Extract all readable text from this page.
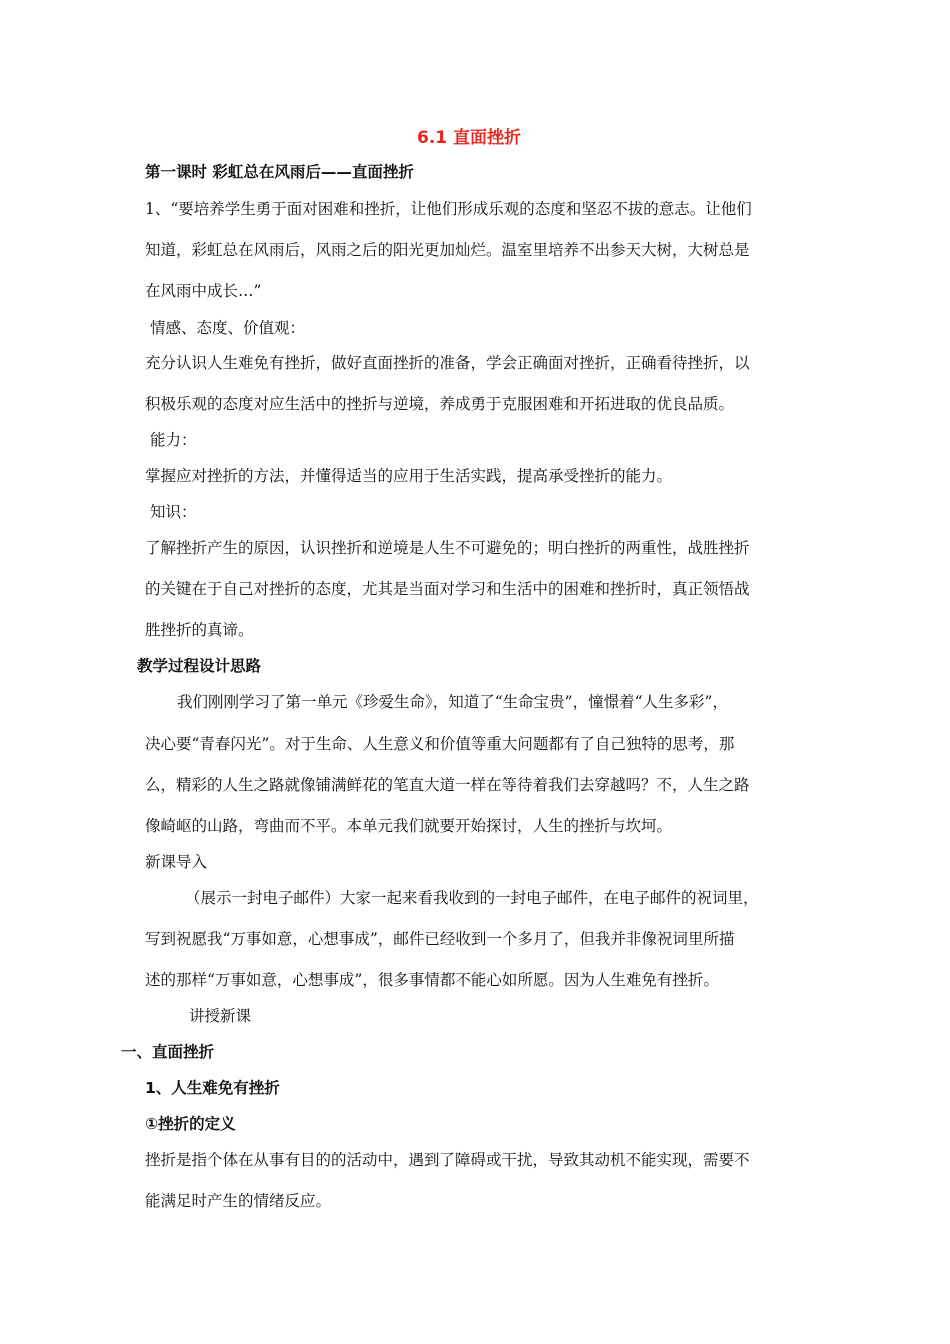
6.1 直面挫折
第一课时 彩虹总在风雨后——直面挫折
1、“要培养学生勇于面对困难和挫折，让他们形成乐观的态度和坚忍不拔的意志。让他们
知道，彩虹总在风雨后，风雨之后的阳光更加灿烂。温室里培养不出参天大树，大树总是
在风雨中成长…”
情感、态度、价值观：
充分认识人生难免有挫折，做好直面挫折的准备，学会正确面对挫折，正确看待挫折，以
积极乐观的态度对应生活中的挫折与逆境，养成勇于克服困难和开拓进取的优良品质。
能力：
掌握应对挫折的方法，并懂得适当的应用于生活实践，提高承受挫折的能力。
知识：
了解挫折产生的原因，认识挫折和逆境是人生不可避免的；明白挫折的两重性，战胜挫折
的关键在于自己对挫折的态度，尤其是当面对学习和生活中的困难和挫折时，真正领悟战
胜挫折的真谛。
教学过程设计思路
我们刚刚学习了第一单元《珍爱生命》，知道了“生命宝贵”，憧憬着“人生多彩”，
决心要“青春闪光”。对于生命、人生意义和价值等重大问题都有了自己独特的思考，那
么，精彩的人生之路就像铺满鲜花的笔直大道一样在等待着我们去穿越吗？不，人生之路
像崎岖的山路，弯曲而不平。本单元我们就要开始探讨，人生的挫折与坎坷。
新课导入
（展示一封电子邮件）大家一起来看我收到的一封电子邮件，在电子邮件的祝词里，
写到祝愿我“万事如意，心想事成”，邮件已经收到一个多月了，但我并非像祝词里所描
述的那样“万事如意，心想事成”，很多事情都不能心如所愿。因为人生难免有挫折。
讲授新课
一、直面挫折
1、人生难免有挫折
①挫折的定义
挫折是指个体在从事有目的的活动中，遇到了障碍或干扰，导致其动机不能实现，需要不
能满足时产生的情绪反应。
